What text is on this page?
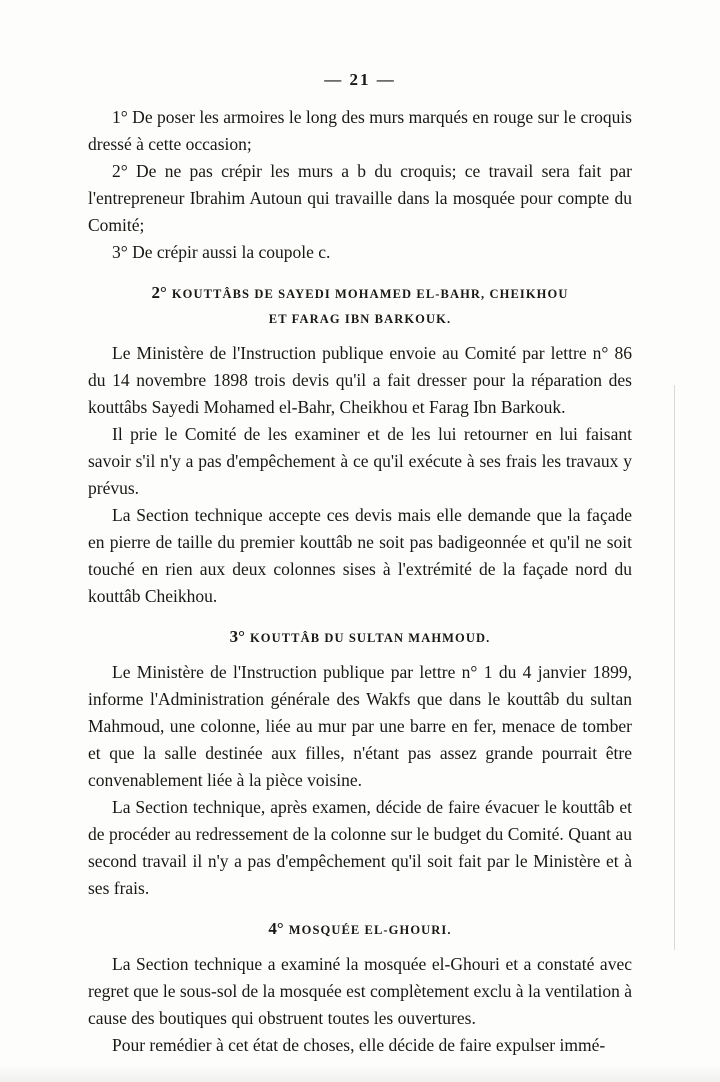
— 21 —

1° De poser les armoires le long des murs marqués en rouge sur le croquis dressé à cette occasion;

2° De ne pas crépir les murs a b du croquis; ce travail sera fait par l'entrepreneur Ibrahim Autoun qui travaille dans la mosquée pour compte du Comité;

3° De crépir aussi la coupole c.

2° KOUTTÂBS DE SAYEDI MOHAMED EL-BAHR, CHEIKHOU
ET FARAG IBN BARKOUK.

Le Ministère de l'Instruction publique envoie au Comité par lettre n° 86 du 14 novembre 1898 trois devis qu'il a fait dresser pour la réparation des kouttâbs Sayedi Mohamed el-Bahr, Cheikhou et Farag Ibn Barkouk.

Il prie le Comité de les examiner et de les lui retourner en lui faisant savoir s'il n'y a pas d'empêchement à ce qu'il exécute à ses frais les travaux y prévus.

La Section technique accepte ces devis mais elle demande que la façade en pierre de taille du premier kouttâb ne soit pas badigeonnée et qu'il ne soit touché en rien aux deux colonnes sises à l'extrémité de la façade nord du kouttâb Cheikhou.

3° KOUTTÂB DU SULTAN MAHMOUD.

Le Ministère de l'Instruction publique par lettre n° 1 du 4 janvier 1899, informe l'Administration générale des Wakfs que dans le kouttâb du sultan Mahmoud, une colonne, liée au mur par une barre en fer, menace de tomber et que la salle destinée aux filles, n'étant pas assez grande pourrait être convenablement liée à la pièce voisine.

La Section technique, après examen, décide de faire évacuer le kouttâb et de procéder au redressement de la colonne sur le budget du Comité. Quant au second travail il n'y a pas d'empêchement qu'il soit fait par le Ministère et à ses frais.

4° MOSQUÉE EL-GHOURI.

La Section technique a examiné la mosquée el-Ghouri et a constaté avec regret que le sous-sol de la mosquée est complètement exclu à la ventilation à cause des boutiques qui obstruent toutes les ouvertures.

Pour remédier à cet état de choses, elle décide de faire expulser immé-
